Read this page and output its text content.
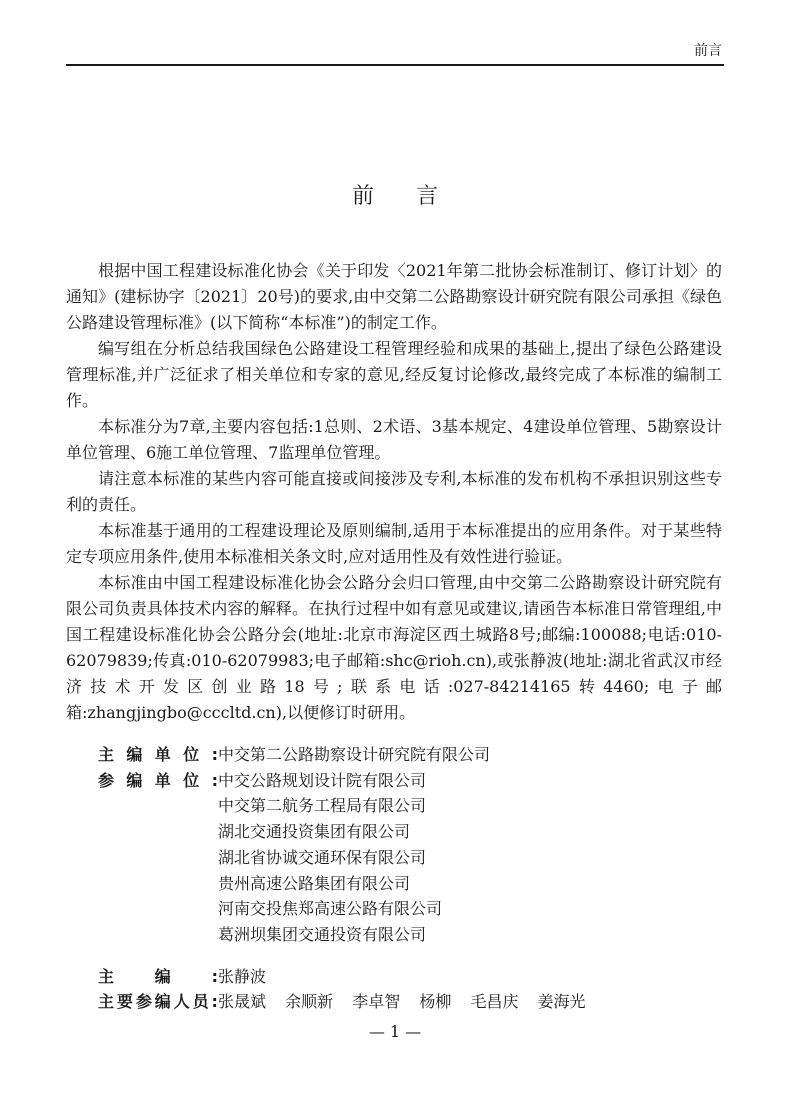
前言
前言

根据中国工程建设标准化协会《关于印发〈2021年第二批协会标准制订、修订计划〉的通知》(建标协字〔2021〕20号)的要求,由中交第二公路勘察设计研究院有限公司承担《绿色公路建设管理标准》(以下简称“本标准”)的制定工作。

编写组在分析总结我国绿色公路建设工程管理经验和成果的基础上,提出了绿色公路建设管理标准,并广泛征求了相关单位和专家的意见,经反复讨论修改,最终完成了本标准的编制工作。

本标准分为7章,主要内容包括:1总则、2术语、3基本规定、4建设单位管理、5勘察设计单位管理、6施工单位管理、7监理单位管理。

请注意本标准的某些内容可能直接或间接涉及专利,本标准的发布机构不承担识别这些专利的责任。

本标准基于通用的工程建设理论及原则编制,适用于本标准提出的应用条件。对于某些特定专项应用条件,使用本标准相关条文时,应对适用性及有效性进行验证。

本标准由中国工程建设标准化协会公路分会归口管理,由中交第二公路勘察设计研究院有限公司负责具体技术内容的解释。在执行过程中如有意见或建议,请函告本标准日常管理组,中国工程建设标准化协会公路分会(地址:北京市海淀区西土城路8号;邮编:100088;电话:010-62079839;传真:010-62079983;电子邮箱:shc@rioh.cn),或张静波(地址:湖北省武汉市经济技术开发区创业路18号;联系电话:027-84214165转4460;电子邮箱:zhangjingbo@cccltd.cn),以便修订时研用。

主 编 单 位 : 中交第二公路勘察设计研究院有限公司
参 编 单 位 : 中交公路规划设计院有限公司
中交第二航务工程局有限公司
湖北交通投资集团有限公司
湖北省协诚交通环保有限公司
贵州高速公路集团有限公司
河南交投焦郑高速公路有限公司
葛洲坝集团交通投资有限公司
主	编	: 张静波
主 要 参 编 人 员 : 张晟斌 余顺新 李卓智 杨柳 毛昌庆 姜海光
— 1 —
